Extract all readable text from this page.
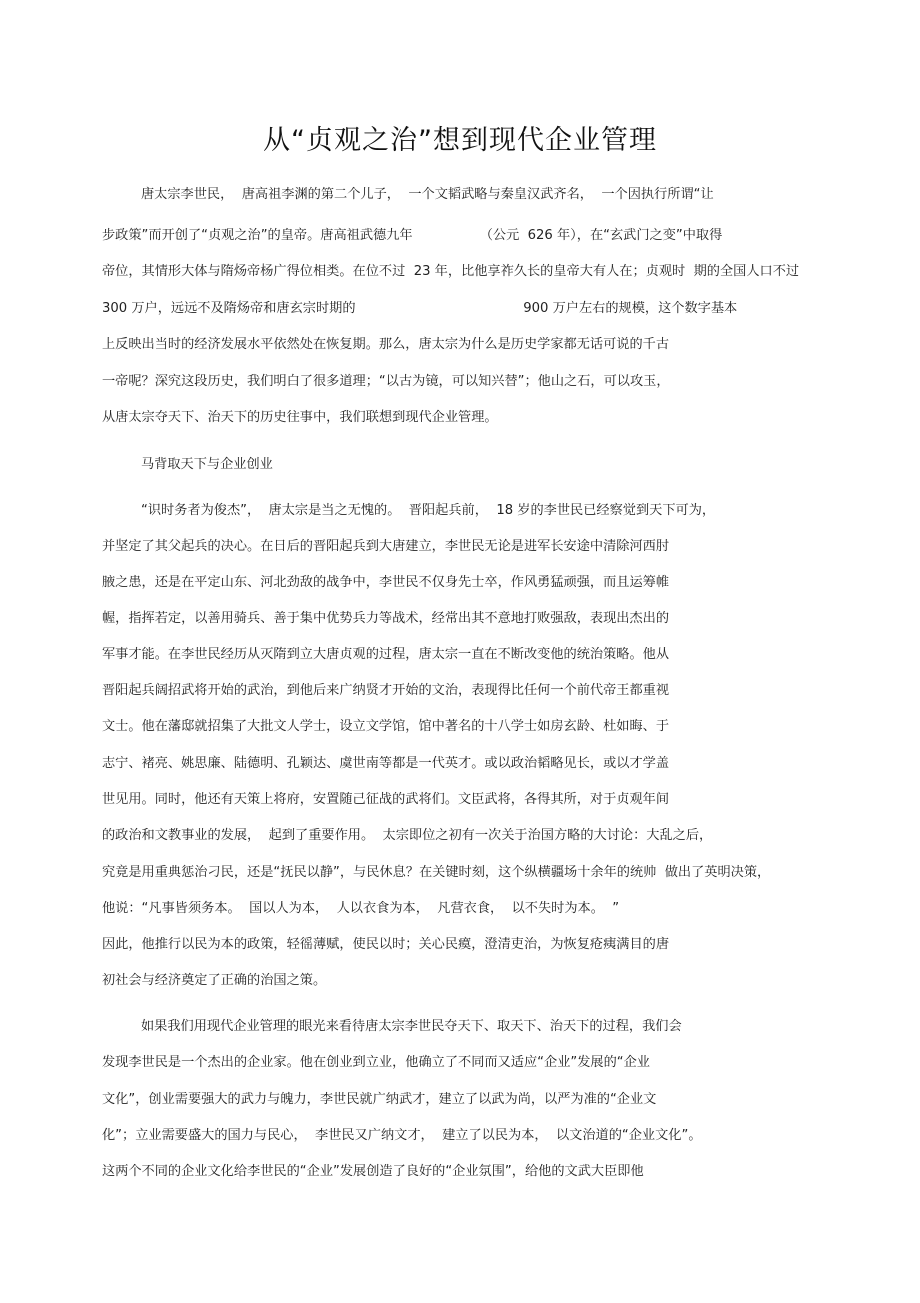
从“贞观之治”想到现代企业管理
唐太宗李世民，  唐高祖李渊的第二个儿子，  一个文韬武略与秦皇汉武齐名，  一个因执行所谓“让
步政策”而开创了“贞观之治”的皇帝。唐高祖武德九年                （公元  626 年），在“玄武门之变”中取得
帝位，其情形大体与隋炀帝杨广得位相类。在位不过  23 年，比他享祚久长的皇帝大有人在；贞观时  期的全国人口不过
300 万户，远远不及隋炀帝和唐玄宗时期的                                        900 万户左右的规模，这个数字基本
上反映出当时的经济发展水平依然处在恢复期。那么，唐太宗为什么是历史学家都无话可说的千古
一帝呢？深究这段历史，我们明白了很多道理；“以古为镜，可以知兴替”；他山之石，可以攻玉，
从唐太宗夺天下、治天下的历史往事中，我们联想到现代企业管理。
马背取天下与企业创业
“识时务者为俊杰”，  唐太宗是当之无愧的。  晋阳起兵前，  18 岁的李世民已经察觉到天下可为，
并坚定了其父起兵的决心。在日后的晋阳起兵到大唐建立，李世民无论是进军长安途中清除河西肘
腋之患，还是在平定山东、河北劲敌的战争中，李世民不仅身先士卒，作风勇猛顽强，而且运筹帷
幄，指挥若定，以善用骑兵、善于集中优势兵力等战术，经常出其不意地打败强敌，表现出杰出的
军事才能。在李世民经历从灭隋到立大唐贞观的过程，唐太宗一直在不断改变他的统治策略。他从
晋阳起兵阔招武将开始的武治，到他后来广纳贤才开始的文治，表现得比任何一个前代帝王都重视
文士。他在藩邸就招集了大批文人学士，设立文学馆，馆中著名的十八学士如房玄龄、杜如晦、于
志宁、褚亮、姚思廉、陆德明、孔颖达、虞世南等都是一代英才。或以政治韬略见长，或以才学盖
世见用。同时，他还有天策上将府，安置随己征战的武将们。文臣武将，各得其所，对于贞观年间
的政治和文教事业的发展，  起到了重要作用。  太宗即位之初有一次关于治国方略的大讨论：大乱之后，
究竟是用重典惩治刁民，还是“抚民以静”，与民休息？在关键时刻，这个纵横疆场十余年的统帅  做出了英明决策，
他说：“凡事皆须务本。  国以人为本，  人以衣食为本，  凡营衣食，  以不失时为本。  ”
因此，他推行以民为本的政策，轻徭薄赋，使民以时；关心民瘼，澄清吏治，为恢复疮痍满目的唐
初社会与经济奠定了正确的治国之策。
如果我们用现代企业管理的眼光来看待唐太宗李世民夺天下、取天下、治天下的过程，我们会
发现李世民是一个杰出的企业家。他在创业到立业，他确立了不同而又适应“企业”发展的“企业
文化”，创业需要强大的武力与魄力，李世民就广纳武才，建立了以武为尚，以严为准的“企业文
化”；立业需要盛大的国力与民心，  李世民又广纳文才，  建立了以民为本，  以文治道的“企业文化”。
这两个不同的企业文化给李世民的“企业”发展创造了良好的“企业氛围”，给他的文武大臣即他
